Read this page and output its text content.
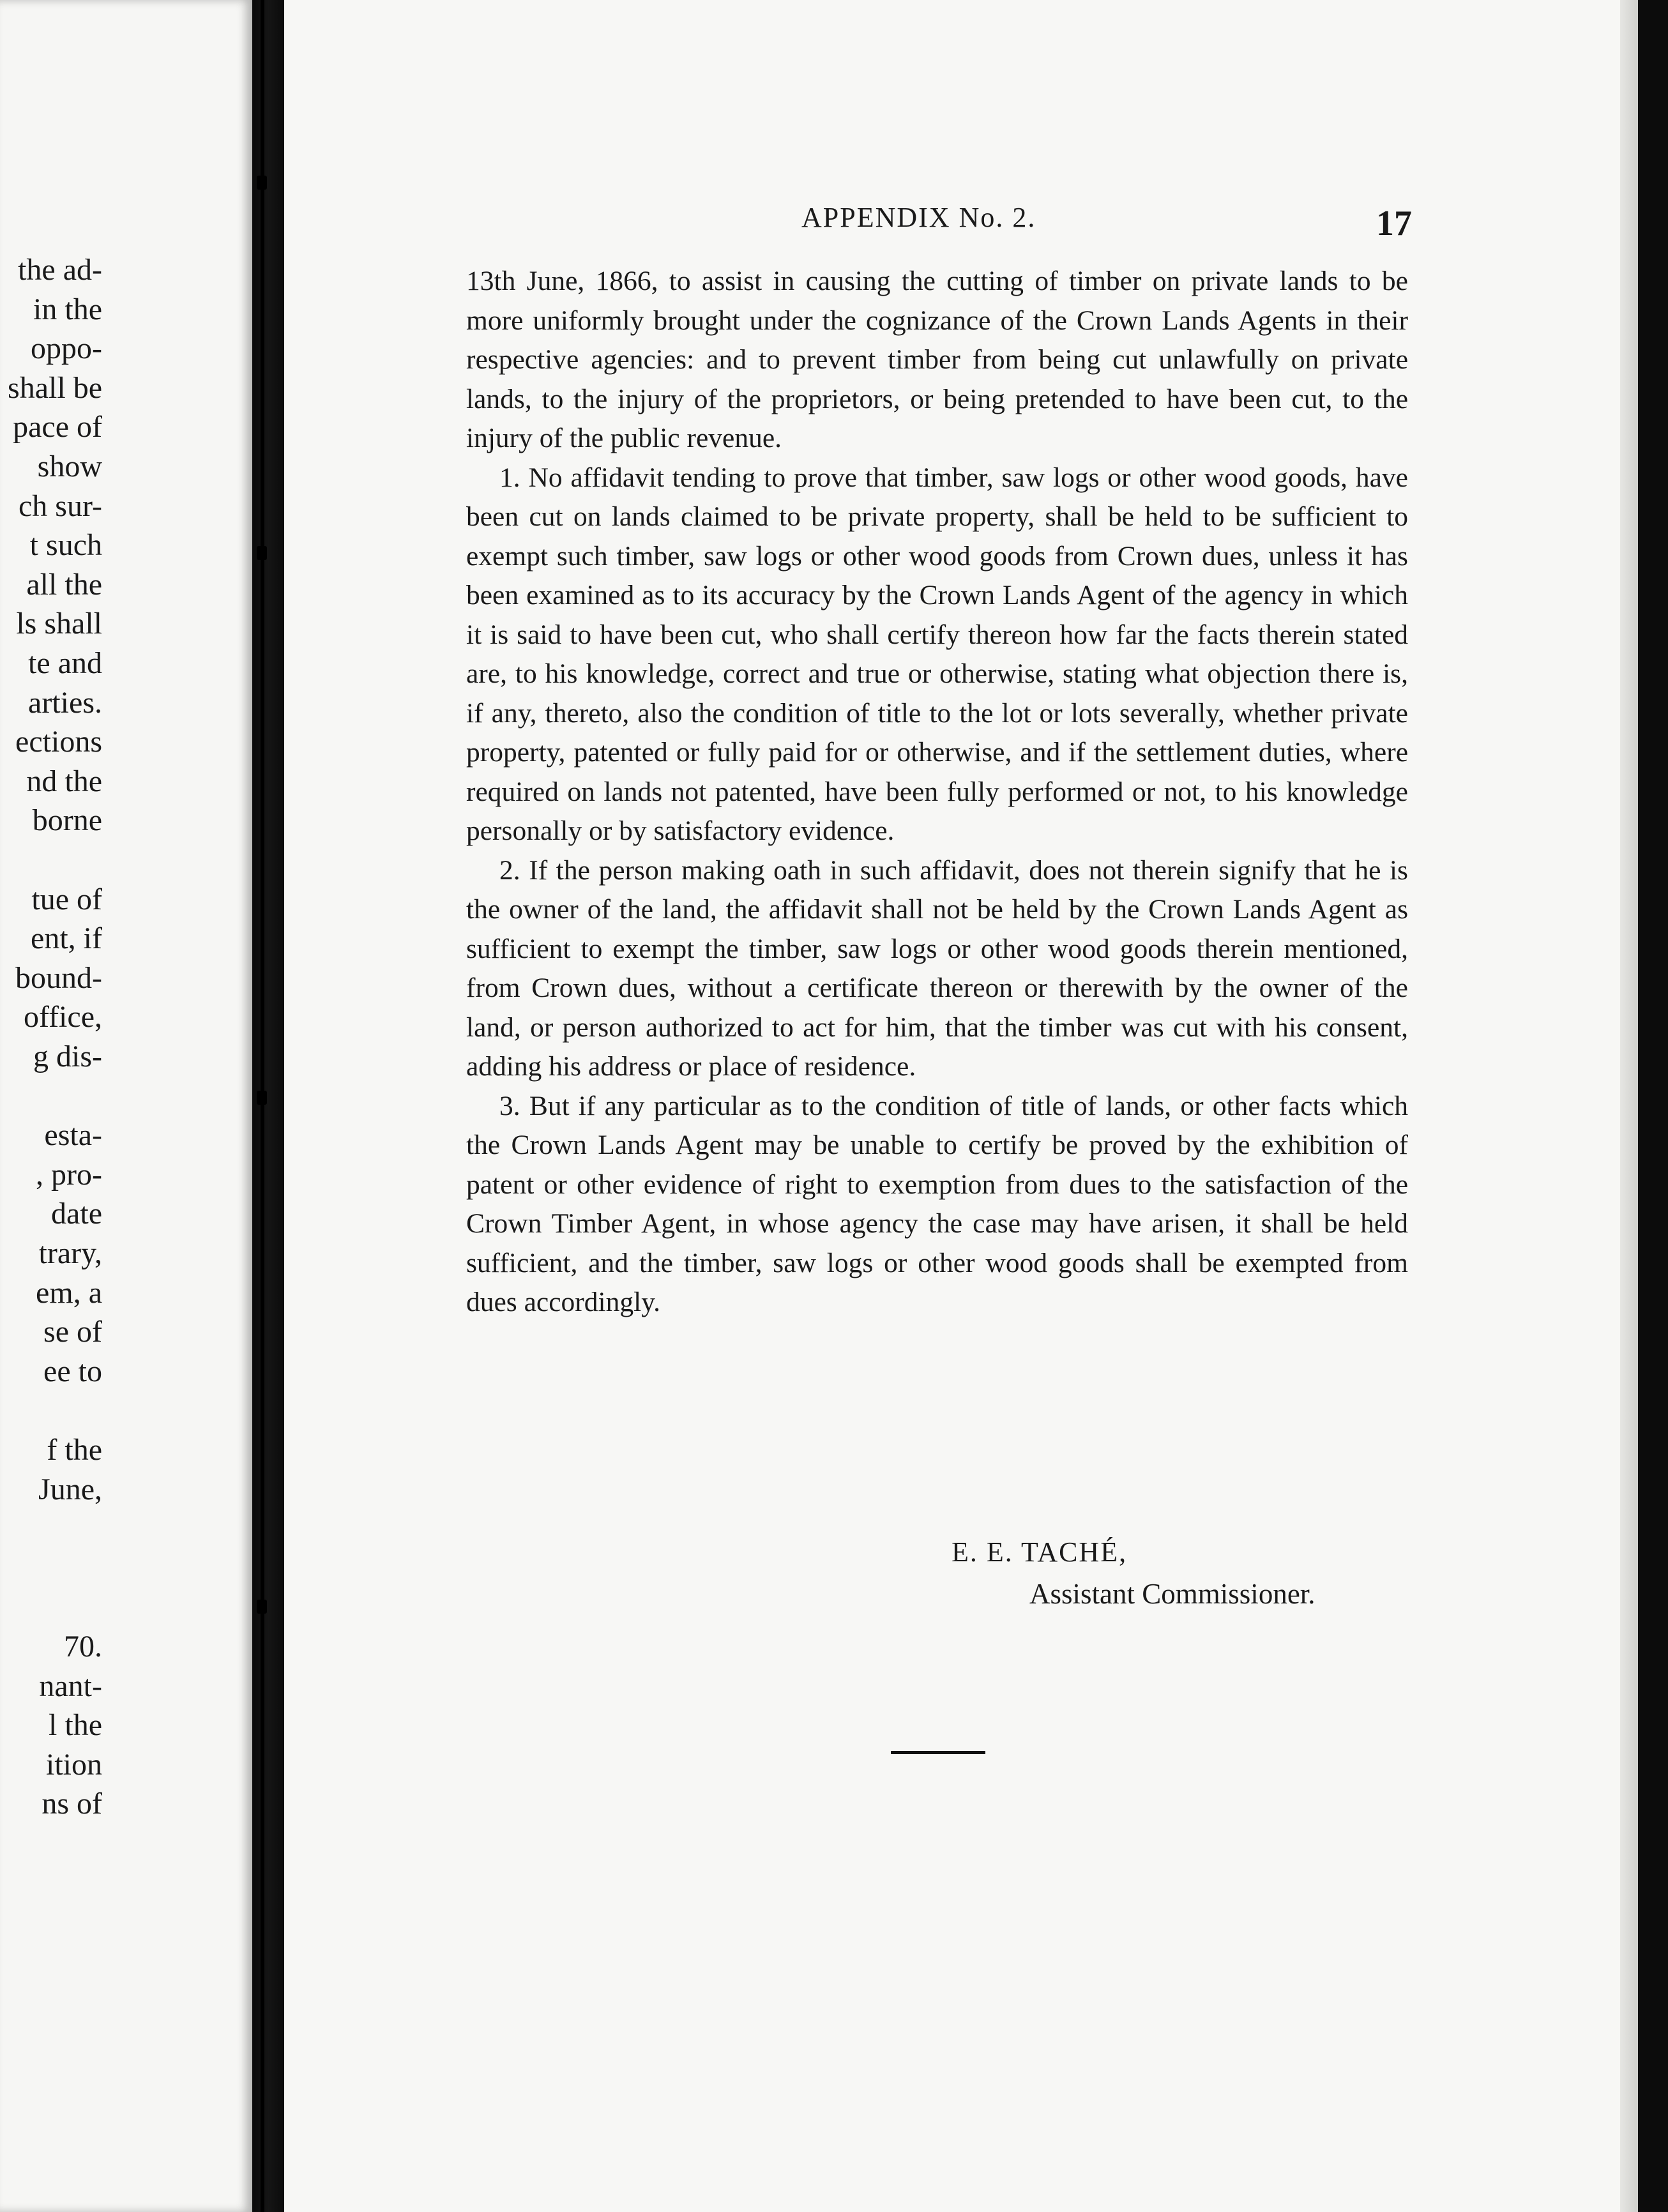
the ad-
in the
oppo-
shall be
pace of
show
ch sur-
t such
all the
ls shall
te and
arties.
ections
nd the
borne
tue of
ent, if
bound-
office,
g dis-
esta-
, pro-
date
trary,
em, a
se of
ee to
f the
June,
70.
nant-
l the
ition
ns of
APPENDIX No. 2.	17

13th June, 1866, to assist in causing the cutting of timber on private lands to be more uniformly brought under the cognizance of the Crown Lands Agents in their respective agencies: and to prevent timber from being cut unlawfully on private lands, to the injury of the proprietors, or being pretended to have been cut, to the injury of the public revenue.

1. No affidavit tending to prove that timber, saw logs or other wood goods, have been cut on lands claimed to be private property, shall be held to be sufficient to exempt such timber, saw logs or other wood goods from Crown dues, unless it has been examined as to its accuracy by the Crown Lands Agent of the agency in which it is said to have been cut, who shall certify thereon how far the facts therein stated are, to his knowledge, correct and true or otherwise, stating what objection there is, if any, thereto, also the condition of title to the lot or lots severally, whether private property, patented or fully paid for or otherwise, and if the settlement duties, where required on lands not patented, have been fully performed or not, to his knowledge personally or by satisfactory evidence.

2. If the person making oath in such affidavit, does not therein signify that he is the owner of the land, the affidavit shall not be held by the Crown Lands Agent as sufficient to exempt the timber, saw logs or other wood goods therein mentioned, from Crown dues, without a certificate thereon or therewith by the owner of the land, or person authorized to act for him, that the timber was cut with his consent, adding his address or place of residence.

3. But if any particular as to the condition of title of lands, or other facts which the Crown Lands Agent may be unable to certify be proved by the exhibition of patent or other evidence of right to exemption from dues to the satisfaction of the Crown Timber Agent, in whose agency the case may have arisen, it shall be held sufficient, and the timber, saw logs or other wood goods shall be exempted from dues accordingly.

E. E. TACHÉ,
Assistant Commissioner.
